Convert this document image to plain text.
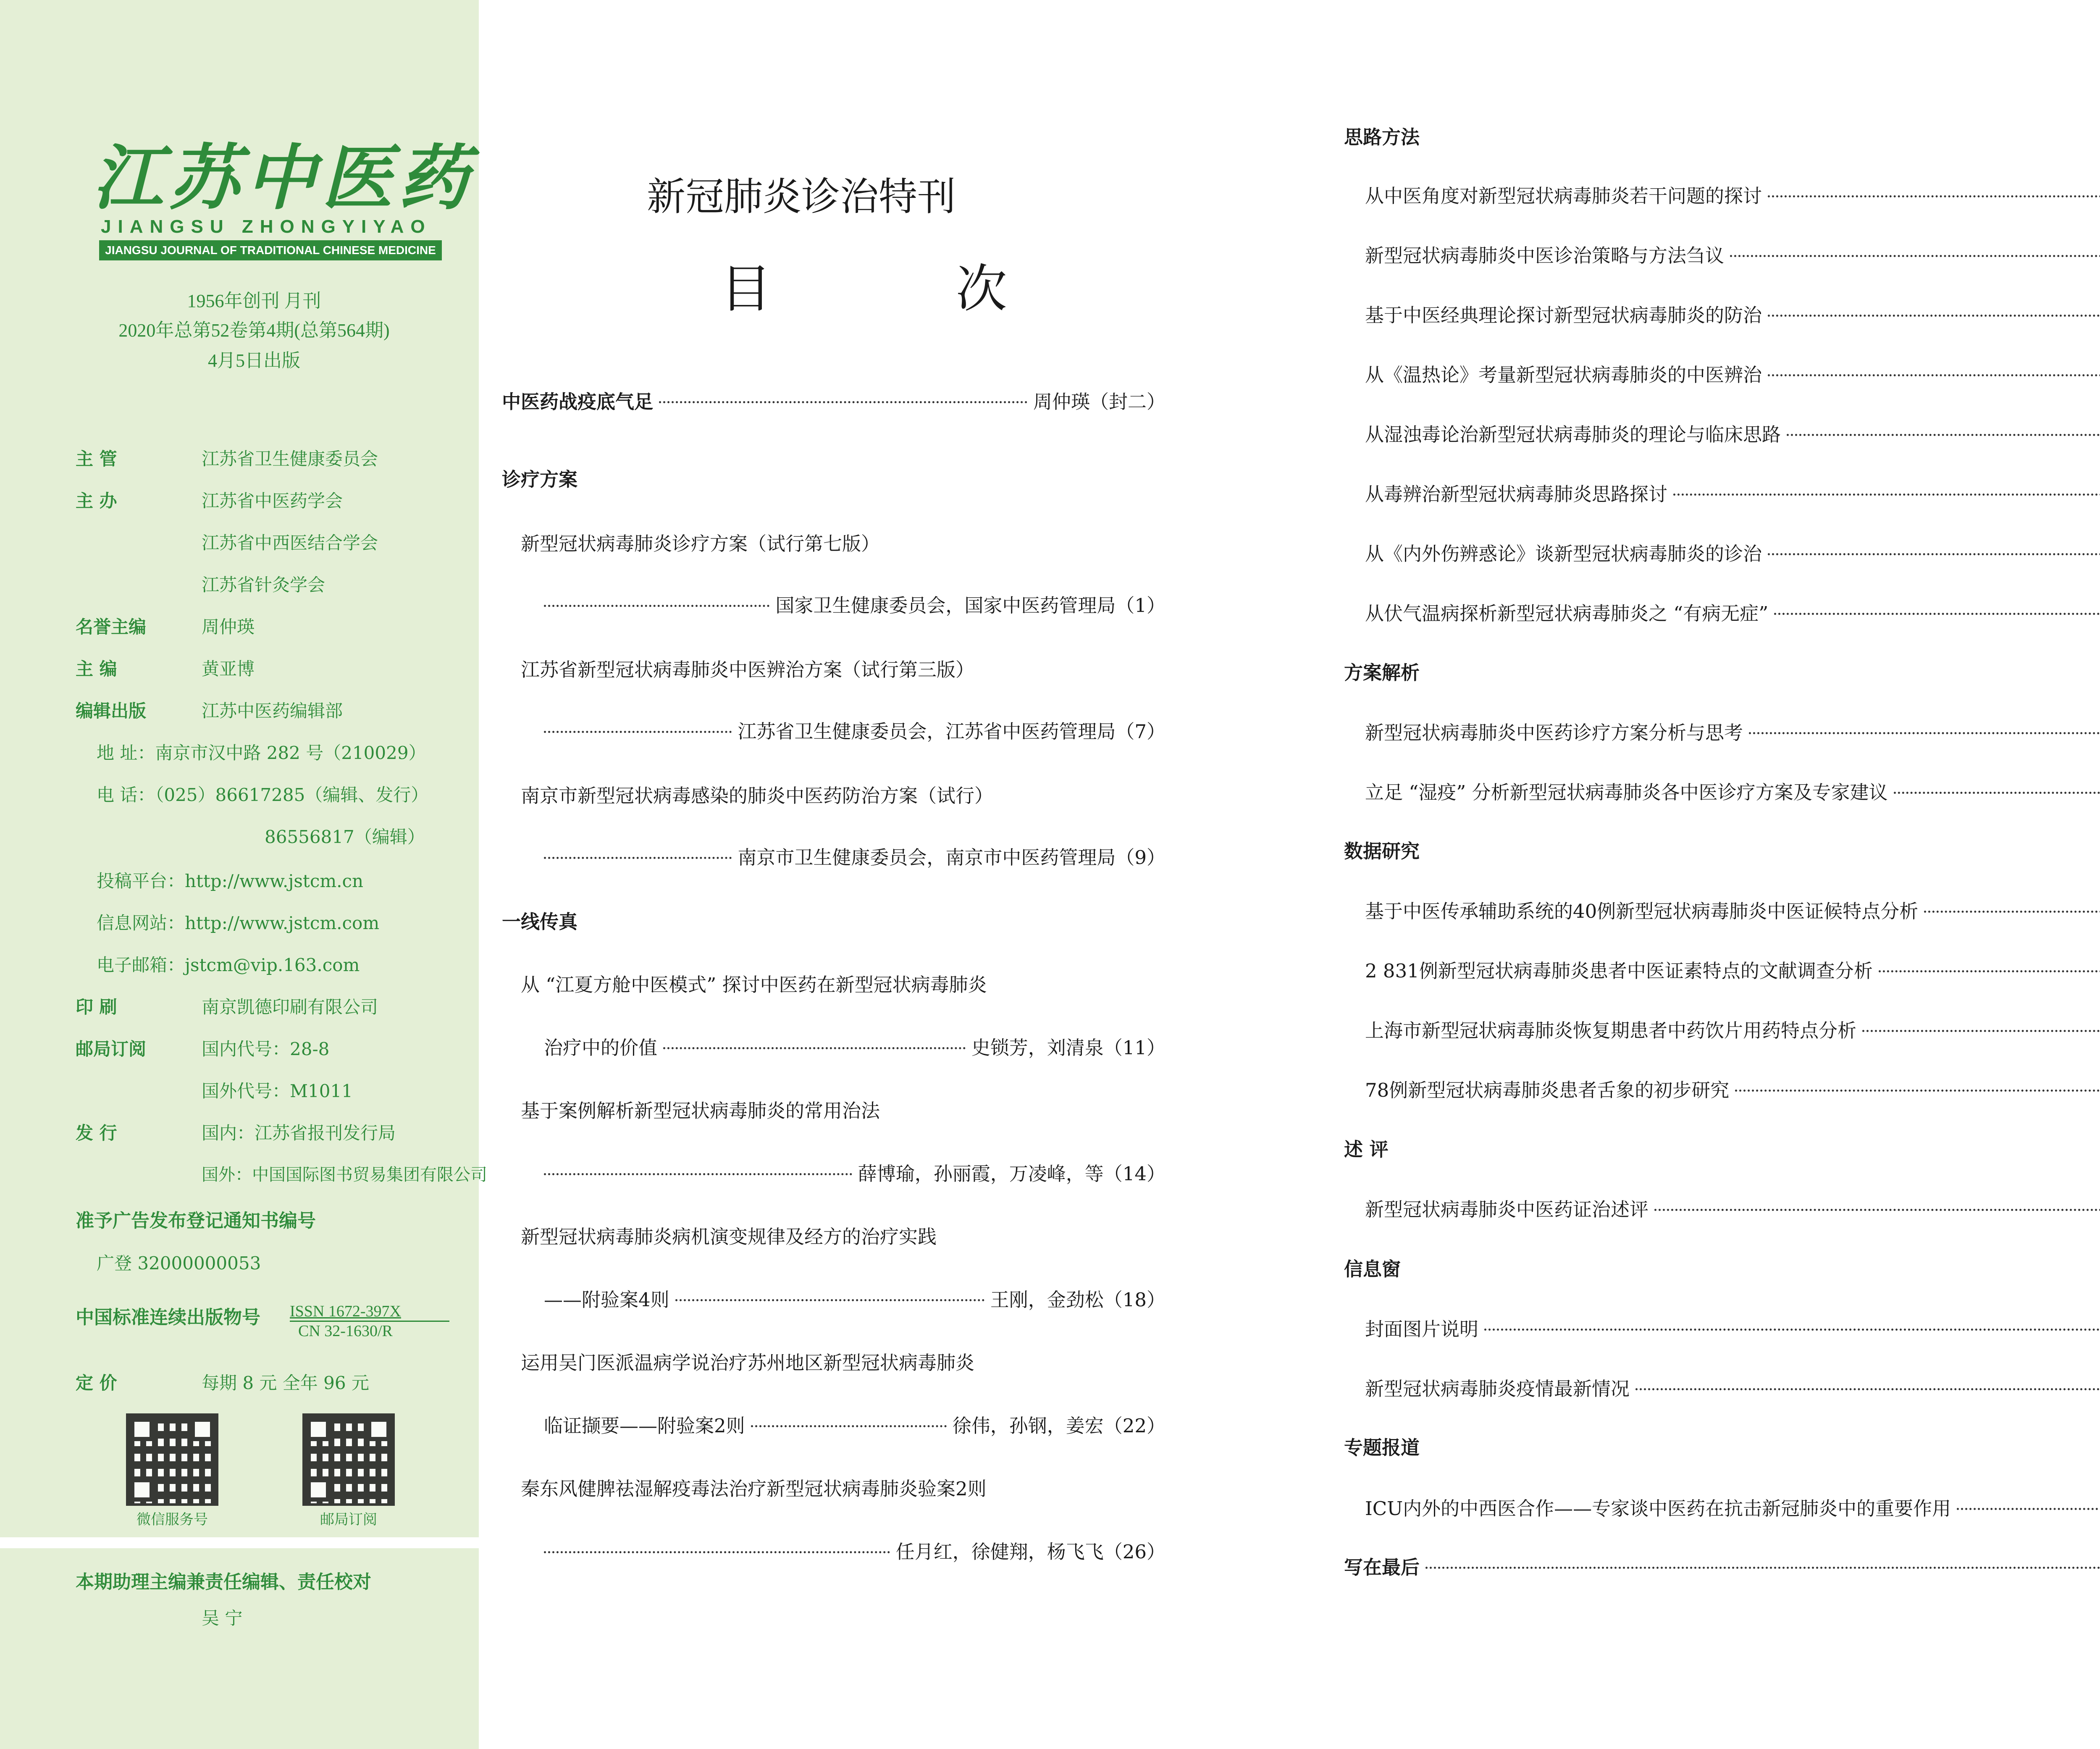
江苏中医药
JIANGSU ZHONGYIYAO
JIANGSU JOURNAL OF TRADITIONAL CHINESE MEDICINE
1956年创刊 月刊
2020年总第52卷第4期(总第564期)
4月5日出版
主 管	江苏省卫生健康委员会
主 办	江苏省中医药学会
江苏省中西医结合学会
江苏省针灸学会
名誉主编	周仲瑛
主 编	黄亚博
编辑出版	江苏中医药编辑部
地 址：南京市汉中路 282 号（210029）
电 话：（025）86617285（编辑、发行）
86556817（编辑）
投稿平台：http://www.jstcm.cn
信息网站：http://www.jstcm.com
电子邮箱：jstcm@vip.163.com
印 刷	南京凯德印刷有限公司
邮局订阅	国内代号：28-8
国外代号：M1011
发 行	国内：江苏省报刊发行局
国外：中国国际图书贸易集团有限公司
准予广告发布登记通知书编号
广登 32000000053
中国标准连续出版物号	ISSN 1672-397X
CN 32-1630/R
定 价	每期 8 元 全年 96 元
微信服务号	邮局订阅
本期助理主编兼责任编辑、责任校对
吴 宁
新冠肺炎诊治特刊
目 次
中医药战疫底气足	周仲瑛（封二）
诊疗方案
新型冠状病毒肺炎诊疗方案（试行第七版）
国家卫生健康委员会，国家中医药管理局（1）
江苏省新型冠状病毒肺炎中医辨治方案（试行第三版）
江苏省卫生健康委员会，江苏省中医药管理局（7）
南京市新型冠状病毒感染的肺炎中医药防治方案（试行）
南京市卫生健康委员会，南京市中医药管理局（9）
一线传真
从 “江夏方舱中医模式” 探讨中医药在新型冠状病毒肺炎
治疗中的价值	史锁芳，刘清泉（11）
基于案例解析新型冠状病毒肺炎的常用治法
薛博瑜，孙丽霞，万凌峰，等（14）
新型冠状病毒肺炎病机演变规律及经方的治疗实践
——附验案4则	王刚，金劲松（18）
运用吴门医派温病学说治疗苏州地区新型冠状病毒肺炎
临证撷要——附验案2则	徐伟，孙钢，姜宏（22）
秦东风健脾祛湿解疫毒法治疗新型冠状病毒肺炎验案2则
任月红，徐健翔，杨飞飞（26）
思路方法
从中医角度对新型冠状病毒肺炎若干问题的探讨
新型冠状病毒肺炎中医诊治策略与方法刍议
基于中医经典理论探讨新型冠状病毒肺炎的防治
从《温热论》考量新型冠状病毒肺炎的中医辨治
从湿浊毒论治新型冠状病毒肺炎的理论与临床思路
从毒辨治新型冠状病毒肺炎思路探讨
从《内外伤辨惑论》谈新型冠状病毒肺炎的诊治
从伏气温病探析新型冠状病毒肺炎之 “有病无症”
方案解析
新型冠状病毒肺炎中医药诊疗方案分析与思考
立足 “湿疫” 分析新型冠状病毒肺炎各中医诊疗方案及专家建议
数据研究
基于中医传承辅助系统的40例新型冠状病毒肺炎中医证候特点分析
2 831例新型冠状病毒肺炎患者中医证素特点的文献调查分析
上海市新型冠状病毒肺炎恢复期患者中药饮片用药特点分析
78例新型冠状病毒肺炎患者舌象的初步研究
述 评
新型冠状病毒肺炎中医药证治述评
信息窗
封面图片说明
新型冠状病毒肺炎疫情最新情况
专题报道
ICU内外的中西医合作——专家谈中医药在抗击新冠肺炎中的重要作用
写在最后
